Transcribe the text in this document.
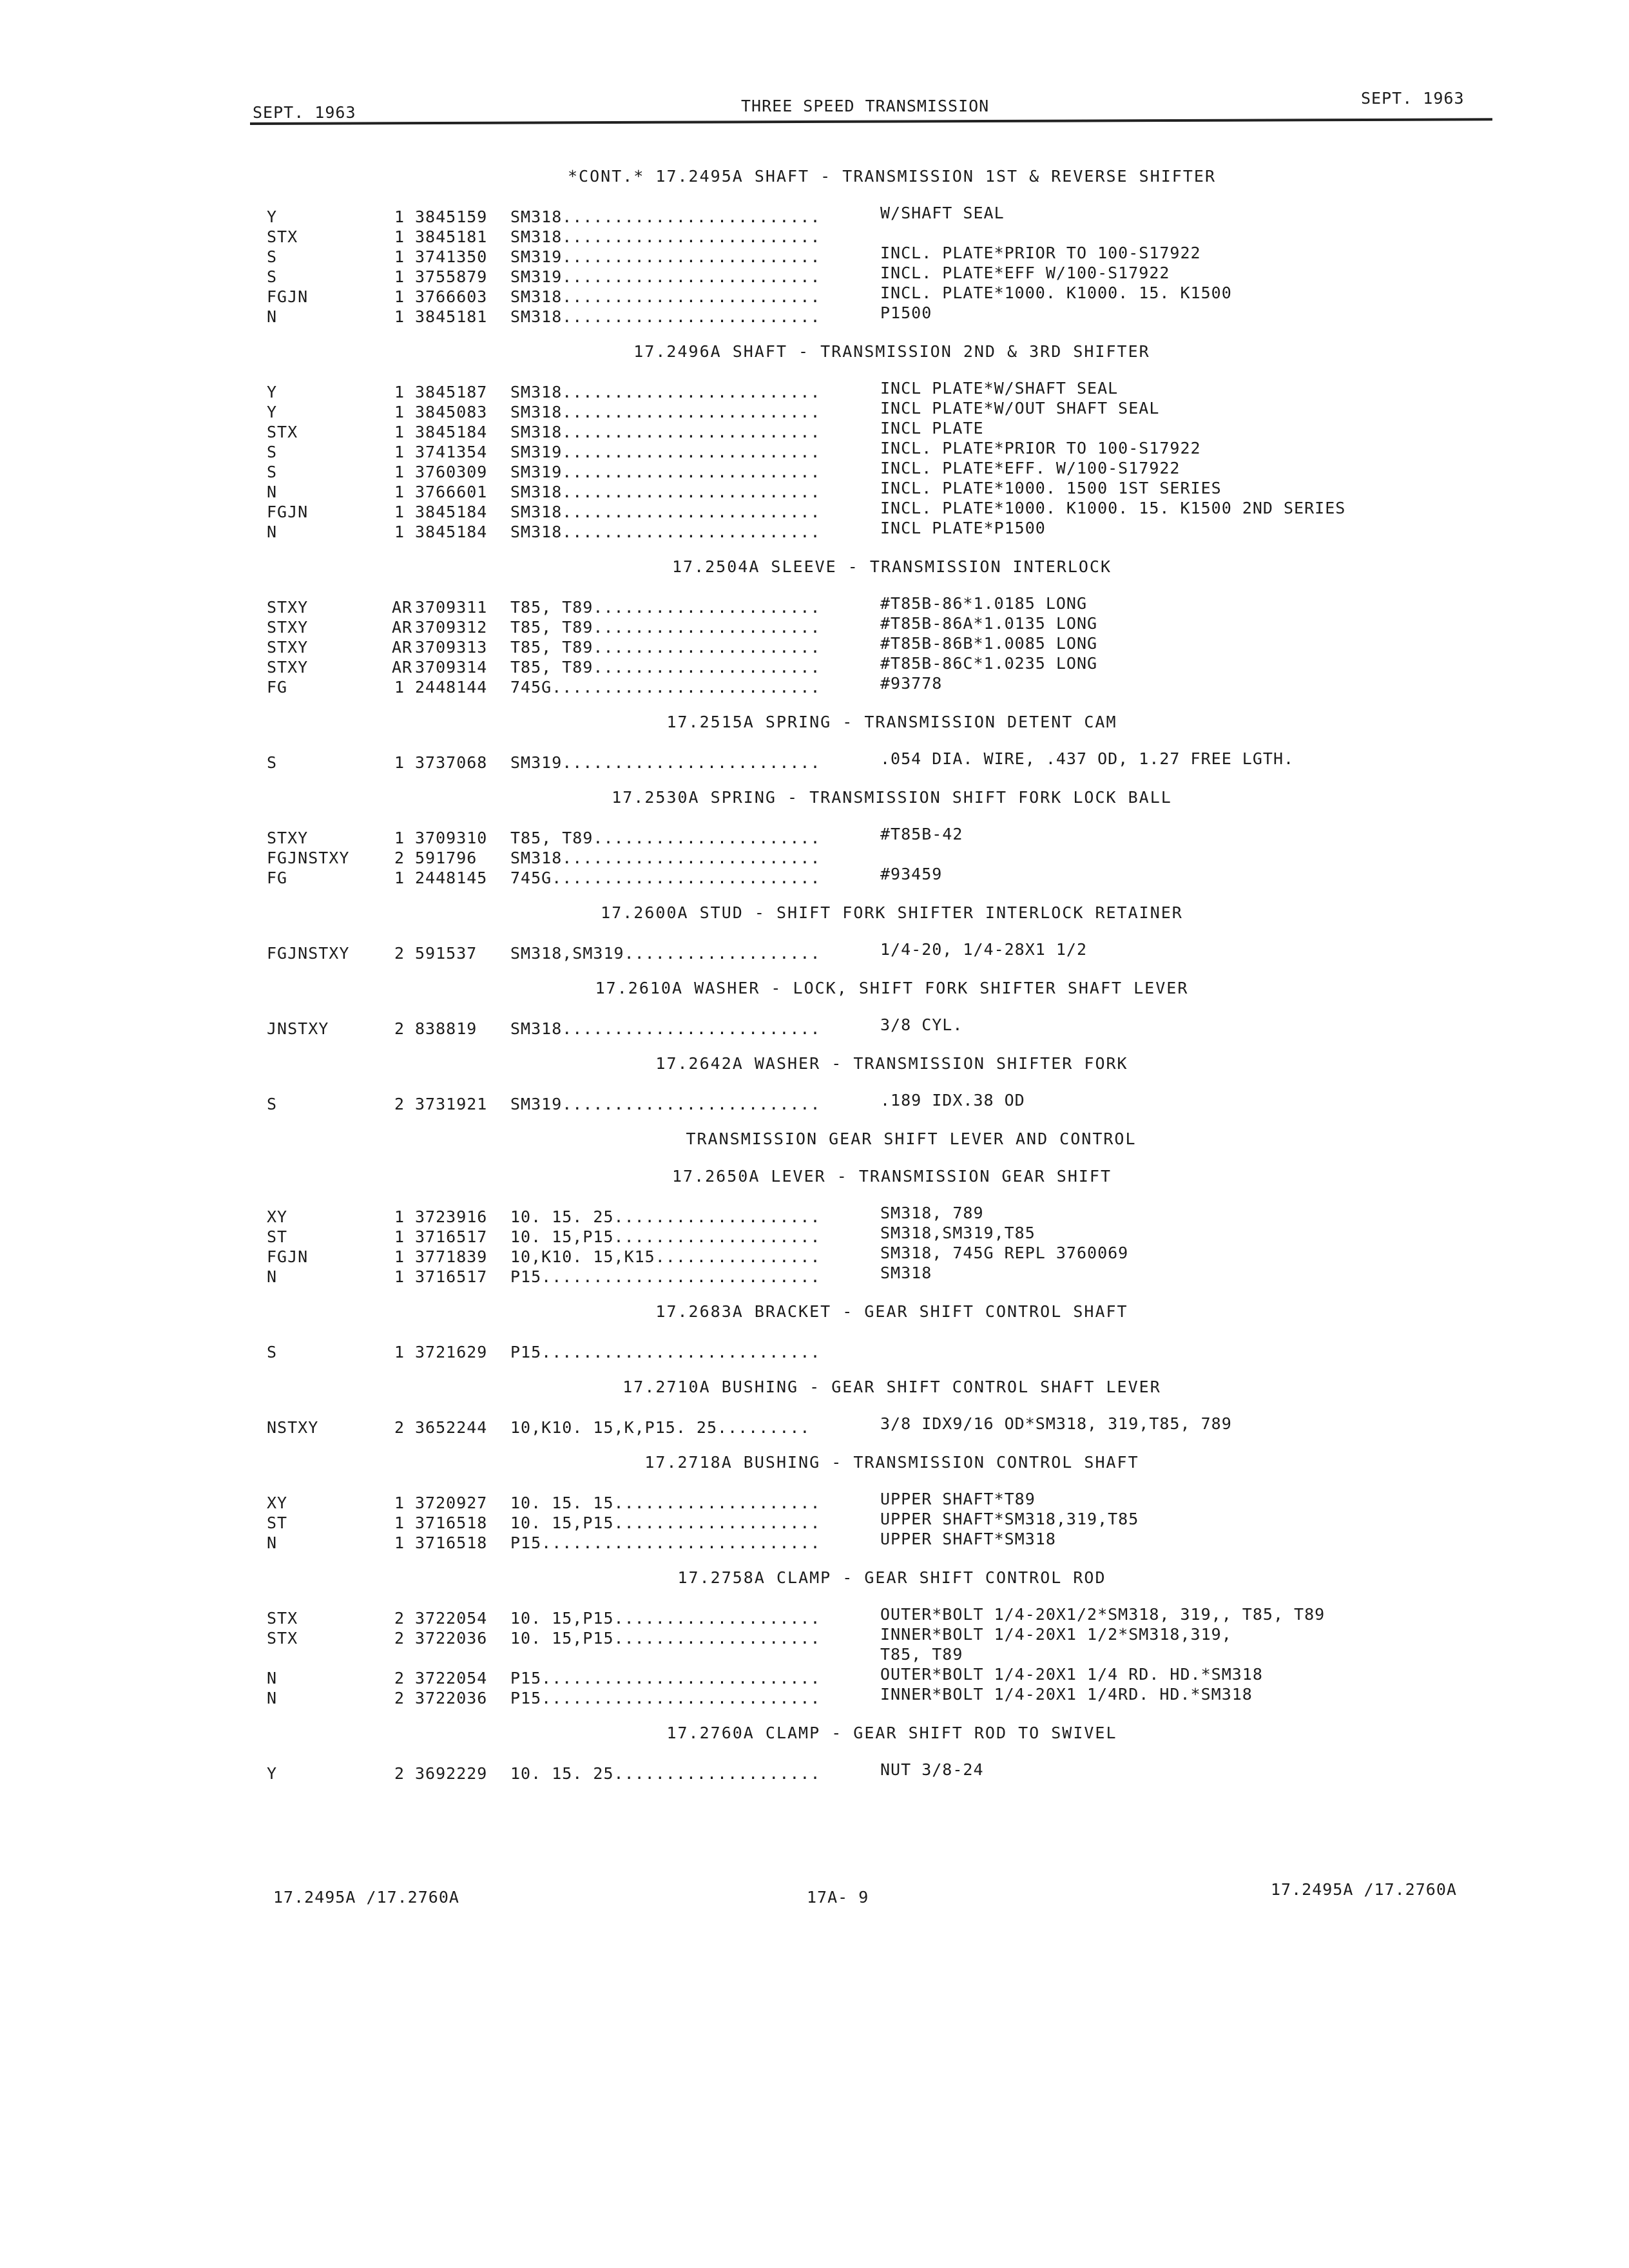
SEPT. 1963	THREE SPEED TRANSMISSION	SEPT. 1963
*CONT.* 17.2495A SHAFT - TRANSMISSION 1ST & REVERSE SHIFTER
Y	1 3845159 SM318.........................	W/SHAFT SEAL
STX	1 3845181 SM318.........................
S	1 3741350 SM319.........................	INCL. PLATE*PRIOR TO 100-S17922
S	1 3755879 SM319.........................	INCL. PLATE*EFF W/100-S17922
FGJN	1 3766603 SM318.........................	INCL. PLATE*1000. K1000. 15. K1500
N	1 3845181 SM318.........................	P1500
17.2496A SHAFT - TRANSMISSION 2ND & 3RD SHIFTER
Y	1 3845187 SM318.........................	INCL PLATE*W/SHAFT SEAL
Y	1 3845083 SM318.........................	INCL PLATE*W/OUT SHAFT SEAL
STX	1 3845184 SM318.........................	INCL PLATE
S	1 3741354 SM319.........................	INCL. PLATE*PRIOR TO 100-S17922
S	1 3760309 SM319.........................	INCL. PLATE*EFF. W/100-S17922
N	1 3766601 SM318.........................	INCL. PLATE*1000. 1500 1ST SERIES
FGJN	1 3845184 SM318.........................	INCL. PLATE*1000. K1000. 15. K1500 2ND SERIES
N	1 3845184 SM318.........................	INCL PLATE*P1500
17.2504A SLEEVE - TRANSMISSION INTERLOCK
STXY	AR 3709311 T85, T89......................	#T85B-86*1.0185 LONG
STXY	AR 3709312 T85, T89......................	#T85B-86A*1.0135 LONG
STXY	AR 3709313 T85, T89......................	#T85B-86B*1.0085 LONG
STXY	AR 3709314 T85, T89......................	#T85B-86C*1.0235 LONG
FG	1 2448144 745G..........................	#93778
17.2515A SPRING - TRANSMISSION DETENT CAM
S	1 3737068 SM319.........................	.054 DIA. WIRE, .437 OD, 1.27 FREE LGTH.
17.2530A SPRING - TRANSMISSION SHIFT FORK LOCK BALL
STXY	1 3709310 T85, T89......................	#T85B-42
FGJNSTXY	2 591796 SM318.........................
FG	1 2448145 745G..........................	#93459
17.2600A STUD - SHIFT FORK SHIFTER INTERLOCK RETAINER
FGJNSTXY	2 591537 SM318,SM319...................	1/4-20, 1/4-28X1 1/2
17.2610A WASHER - LOCK, SHIFT FORK SHIFTER SHAFT LEVER
JNSTXY	2 838819 SM318.........................	3/8 CYL.
17.2642A WASHER - TRANSMISSION SHIFTER FORK
S	2 3731921 SM319.........................	.189 IDX.38 OD
TRANSMISSION GEAR SHIFT LEVER AND CONTROL
17.2650A LEVER - TRANSMISSION GEAR SHIFT
XY	1 3723916 10. 15. 25....................	SM318, 789
ST	1 3716517 10. 15,P15....................	SM318,SM319,T85
FGJN	1 3771839 10,K10. 15,K15................	SM318, 745G REPL 3760069
N	1 3716517 P15...........................	SM318
17.2683A BRACKET - GEAR SHIFT CONTROL SHAFT
S	1 3721629 P15...........................
17.2710A BUSHING - GEAR SHIFT CONTROL SHAFT LEVER
NSTXY	2 3652244 10,K10. 15,K,P15. 25.........	3/8 IDX9/16 OD*SM318, 319,T85, 789
17.2718A BUSHING - TRANSMISSION CONTROL SHAFT
XY	1 3720927 10. 15. 15....................	UPPER SHAFT*T89
ST	1 3716518 10. 15,P15....................	UPPER SHAFT*SM318,319,T85
N	1 3716518 P15...........................	UPPER SHAFT*SM318
17.2758A CLAMP - GEAR SHIFT CONTROL ROD
STX	2 3722054 10. 15,P15....................	OUTER*BOLT 1/4-20X1/2*SM318, 319,, T85, T89
STX	2 3722036 10. 15,P15....................	INNER*BOLT 1/4-20X1 1/2*SM318,319,
T85, T89
N	2 3722054 P15...........................	OUTER*BOLT 1/4-20X1 1/4 RD. HD.*SM318
N	2 3722036 P15...........................	INNER*BOLT 1/4-20X1 1/4RD. HD.*SM318
17.2760A CLAMP - GEAR SHIFT ROD TO SWIVEL
Y	2 3692229 10. 15. 25....................	NUT 3/8-24
17.2495A /17.2760A	17A- 9	17.2495A /17.2760A
